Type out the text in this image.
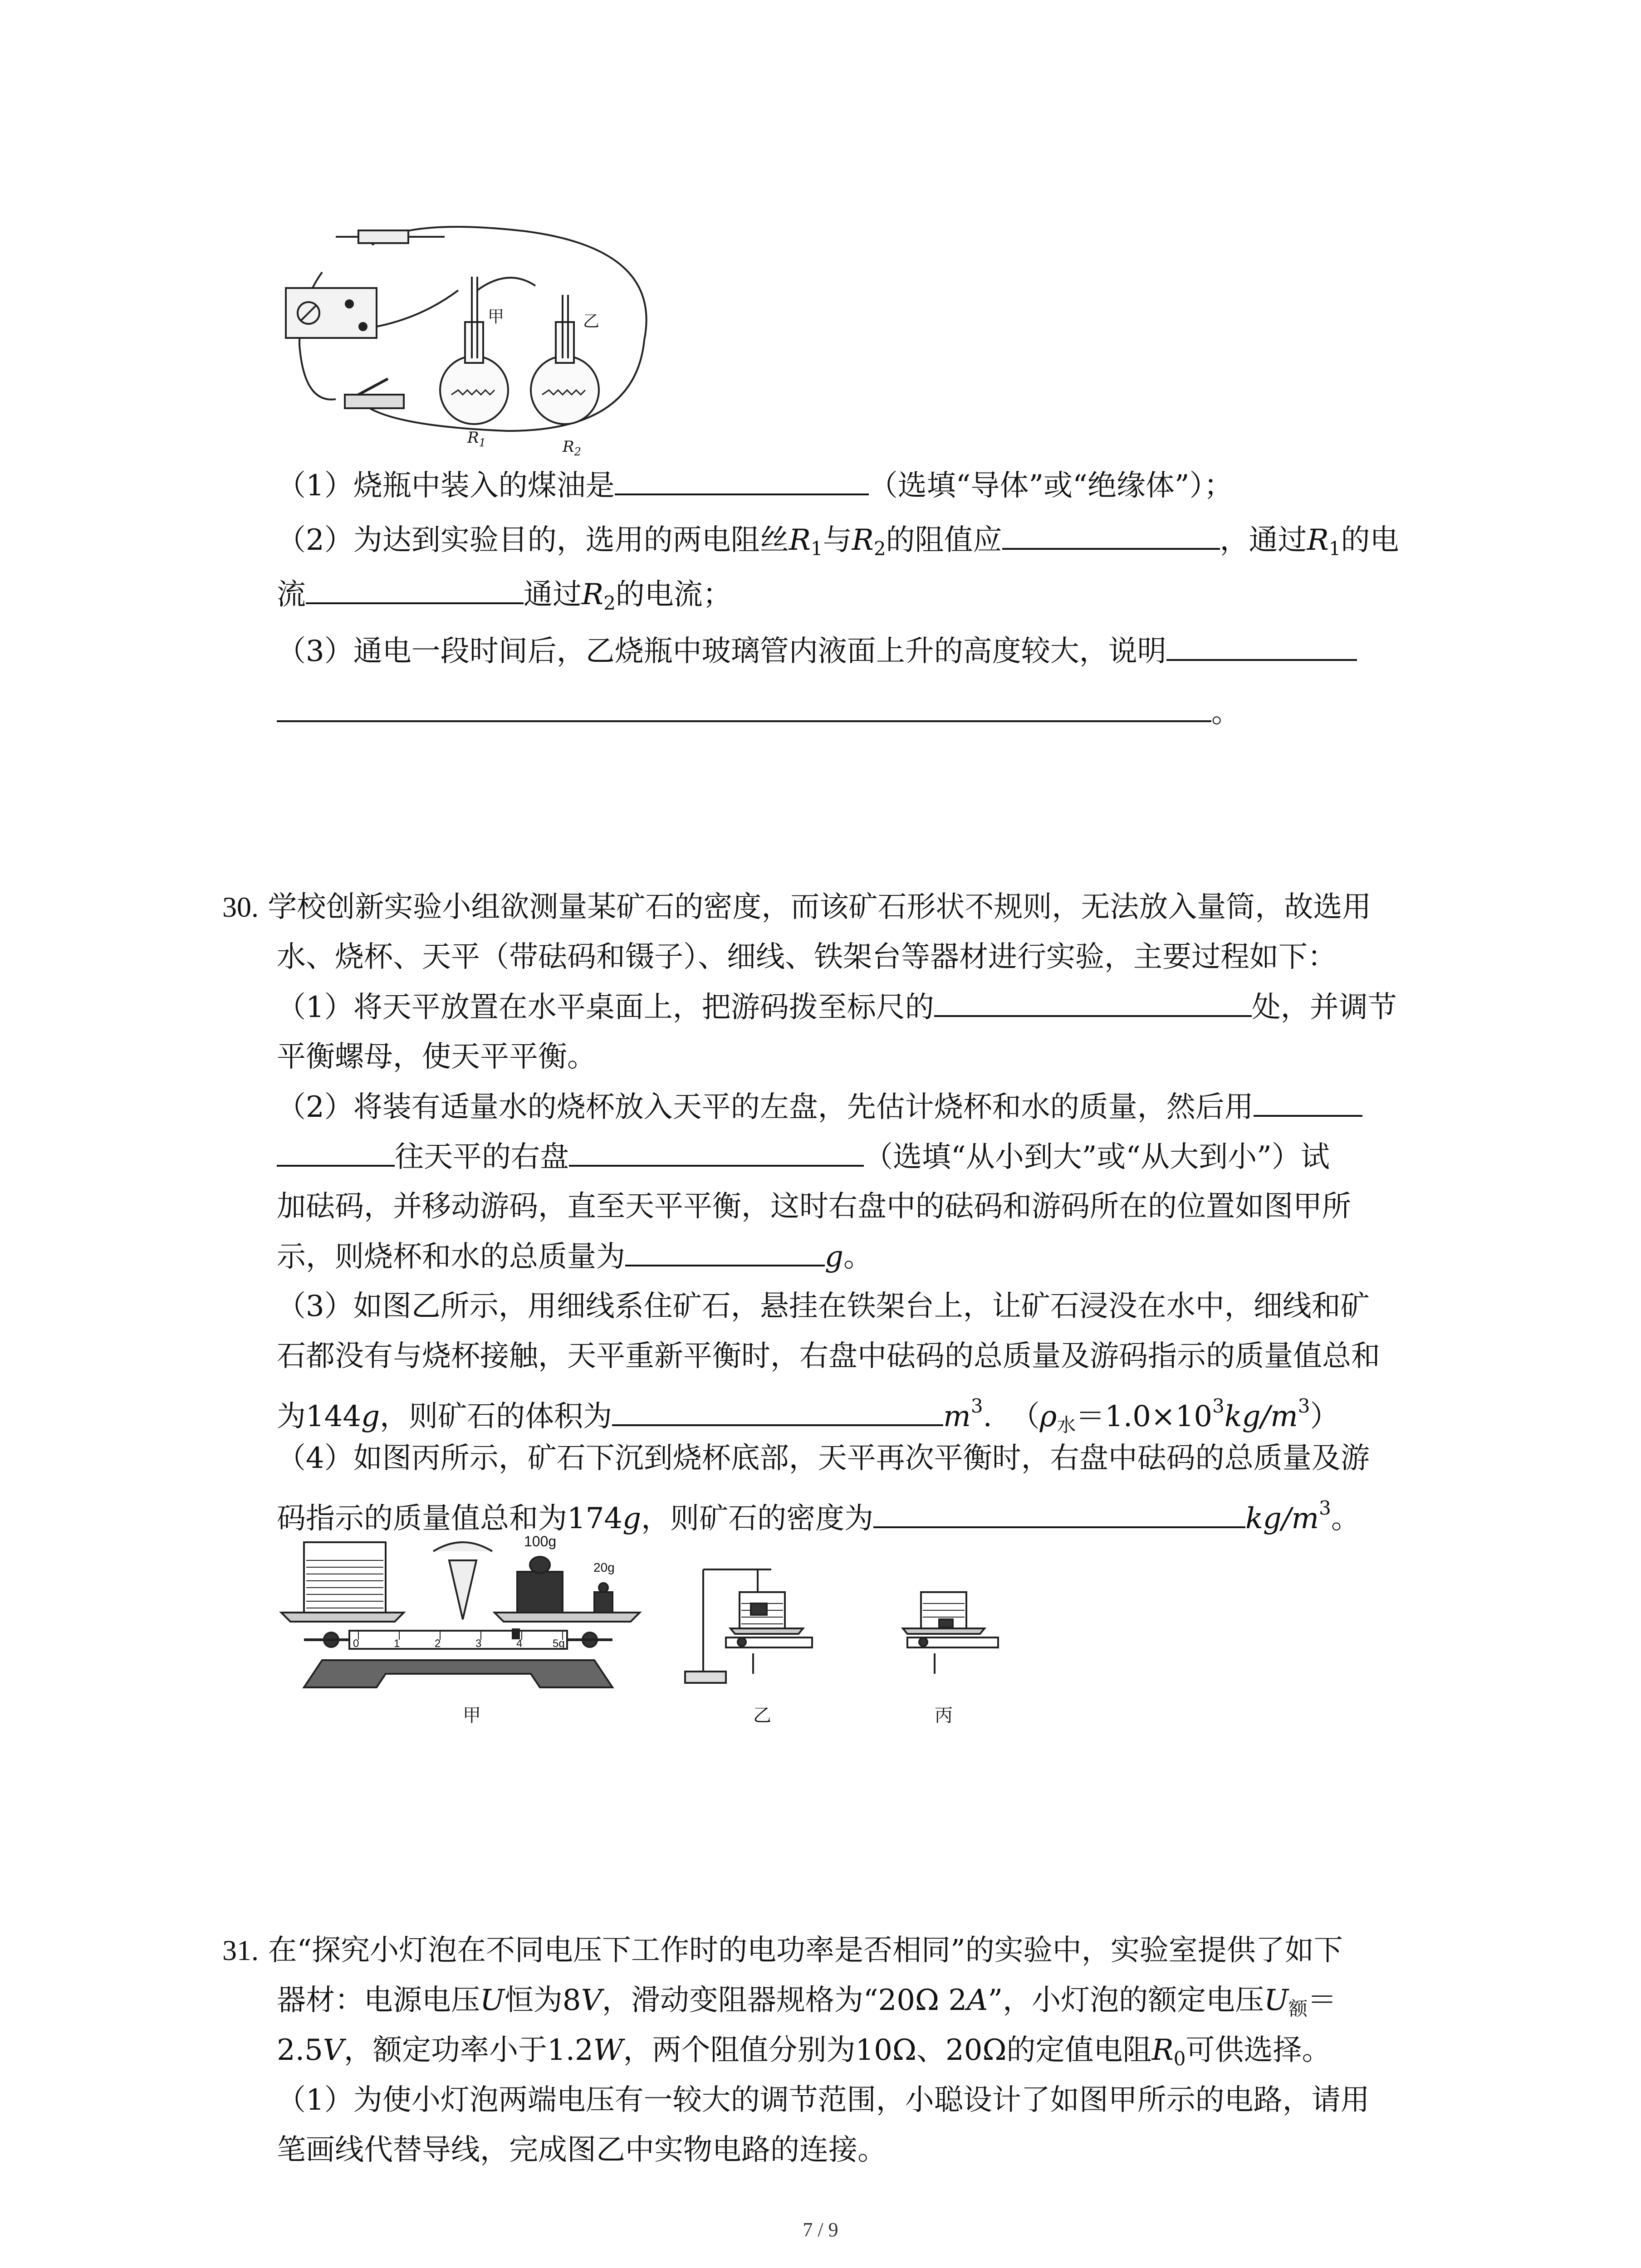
甲	乙
$R_1$	$R_2$
（1）烧瓶中装入的煤油是	（选填“导体”或“绝缘体”）；
（2）为达到实验目的，选用的两电阻丝$R_1$与$R_2$的阻值应	，通过$R_1$的电
流	通过$R_2$的电流；
（3）通电一段时间后，乙烧瓶中玻璃管内液面上升的高度较大，说明
。
30. 学校创新实验小组欲测量某矿石的密度，而该矿石形状不规则，无法放入量筒，故选用
水、烧杯、天平（带砝码和镊子）、细线、铁架台等器材进行实验，主要过程如下：
（1）将天平放置在水平桌面上，把游码拨至标尺的	处，并调节
平衡螺母，使天平平衡。
（2）将装有适量水的烧杯放入天平的左盘，先估计烧杯和水的质量，然后用
往天平的右盘	（选填“从小到大”或“从大到小”）试
加砝码，并移动游码，直至天平平衡，这时右盘中的砝码和游码所在的位置如图甲所
示，则烧杯和水的总质量为	g。
（3）如图乙所示，用细线系住矿石，悬挂在铁架台上，让矿石浸没在水中，细线和矿
石都没有与烧杯接触，天平重新平衡时，右盘中砝码的总质量及游码指示的质量值总和
为144g，则矿石的体积为	$m^3$. $(\rho_水=1.0\times 10^3kg/m^3)$
（4）如图丙所示，矿石下沉到烧杯底部，天平再次平衡时，右盘中砝码的总质量及游
码指示的质量值总和为174g，则矿石的密度为	$kg/m^3$。
100g
20g
0	1	2	3	4	5g
甲	乙	丙
31. 在“探究小灯泡在不同电压下工作时的电功率是否相同”的实验中，实验室提供了如下
器材：电源电压U恒为8V，滑动变阻器规格为“20Ω 2A”，小灯泡的额定电压$U_额=$
2.5V，额定功率小于1.2W，两个阻值分别为10Ω、20Ω的定值电阻$R_0$可供选择。
（1）为使小灯泡两端电压有一较大的调节范围，小聪设计了如图甲所示的电路，请用
笔画线代替导线，完成图乙中实物电路的连接。
7 / 9
